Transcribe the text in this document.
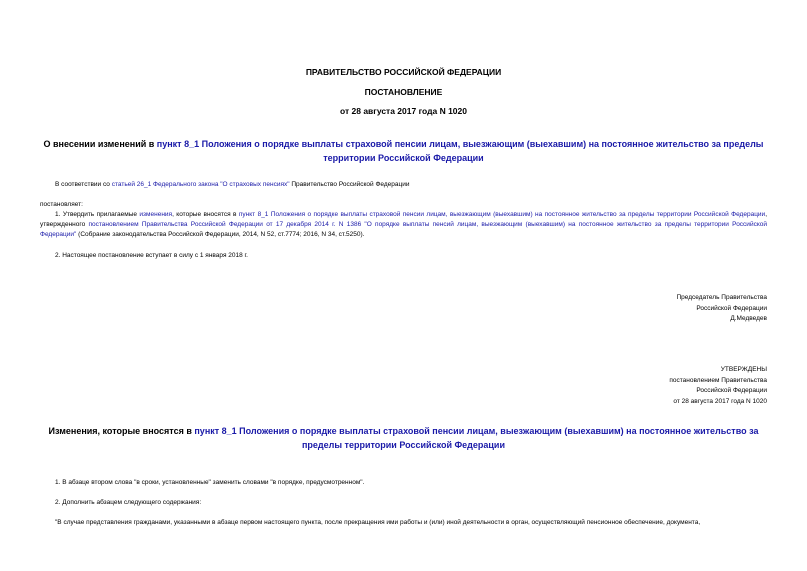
ПРАВИТЕЛЬСТВО РОССИЙСКОЙ ФЕДЕРАЦИИ
ПОСТАНОВЛЕНИЕ
от 28 августа 2017 года N 1020
О внесении изменений в пункт 8_1 Положения о порядке выплаты страховой пенсии лицам, выезжающим (выехавшим) на постоянное жительство за пределы территории Российской Федерации
В соответствии со статьей 26_1 Федерального закона "О страховых пенсиях" Правительство Российской Федерации
постановляет:
1. Утвердить прилагаемые изменения, которые вносятся в пункт 8_1 Положения о порядке выплаты страховой пенсии лицам, выезжающим (выехавшим) на постоянное жительство за пределы территории Российской Федерации, утвержденного постановлением Правительства Российской Федерации от 17 декабря 2014 г. N 1386 "О порядке выплаты пенсий лицам, выезжающим (выехавшим) на постоянное жительство за пределы территории Российской Федерации" (Собрание законодательства Российской Федерации, 2014, N 52, ст.7774; 2016, N 34, ст.5250).
2. Настоящее постановление вступает в силу с 1 января 2018 г.
Председатель Правительства
Российской Федерации
Д.Медведев
УТВЕРЖДЕНЫ
постановлением Правительства
Российской Федерации
от 28 августа 2017 года N 1020
Изменения, которые вносятся в пункт 8_1 Положения о порядке выплаты страховой пенсии лицам, выезжающим (выехавшим) на постоянное жительство за пределы территории Российской Федерации
1. В абзаце втором слова "в сроки, установленные" заменить словами "в порядке, предусмотренном".
2. Дополнить абзацем следующего содержания:
"В случае представления гражданами, указанными в абзаце первом настоящего пункта, после прекращения ими работы и (или) иной деятельности в орган, осуществляющий пенсионное обеспечение, документа,
